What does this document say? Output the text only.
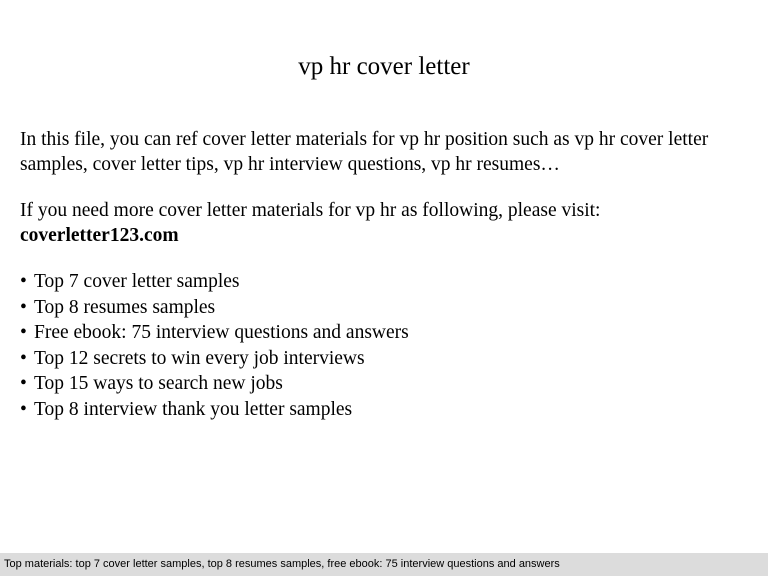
vp hr cover letter

In this file, you can ref cover letter materials for vp hr position such as vp hr cover letter samples, cover letter tips, vp hr interview questions, vp hr resumes…

If you need more cover letter materials for vp hr as following, please visit:

coverletter123.com
• Top 7 cover letter samples
• Top 8 resumes samples
• Free ebook: 75 interview questions and answers
• Top 12 secrets to win every job interviews
• Top 15 ways to search new jobs
• Top 8 interview thank you letter samples
Top materials: top 7 cover letter samples, top 8 resumes samples, free ebook: 75 interview questions and answers
